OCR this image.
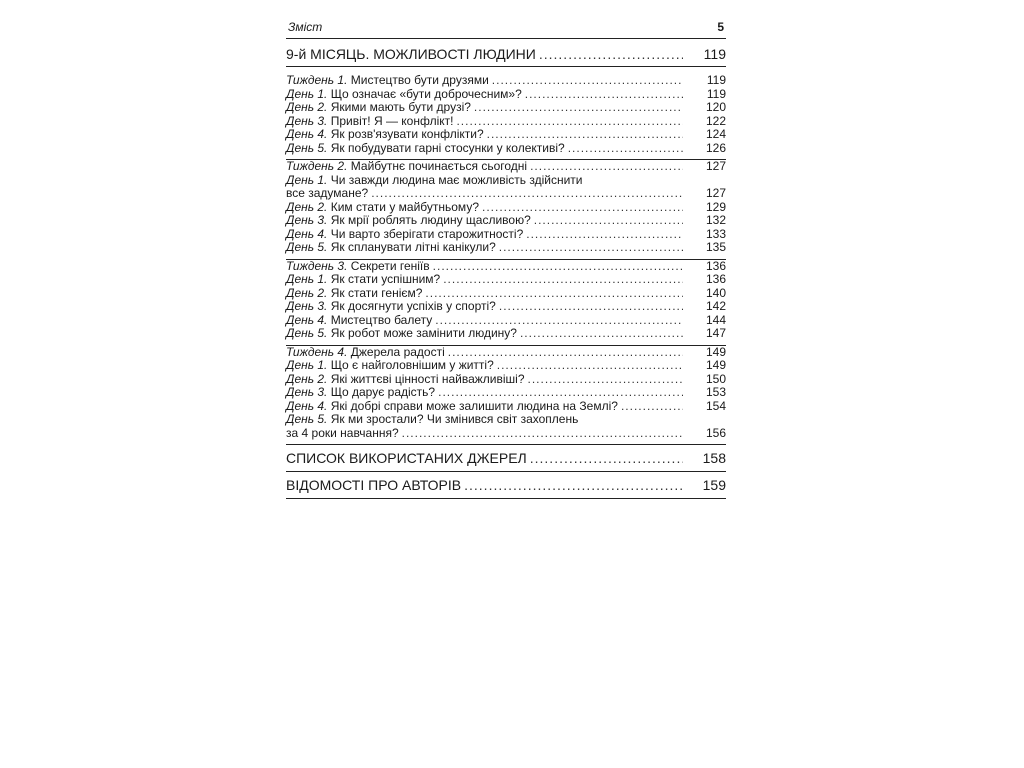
Зміст	5
9-й МІСЯЦЬ. МОЖЛИВОСТІ ЛЮДИНИ .....	119
Тиждень 1. Мистецтво бути друзями .....	119
День 1. Що означає «бути доброчесним»? .....	119
День 2. Якими мають бути друзі? .....	120
День 3. Привіт! Я — конфлікт! .....	122
День 4. Як розв'язувати конфлікти? .....	124
День 5. Як побудувати гарні стосунки у колективі? .....	126
Тиждень 2. Майбутнє починається сьогодні .....	127
День 1. Чи завжди людина має можливість здійснити
все задумане? .....	127
День 2. Ким стати у майбутньому? .....	129
День 3. Як мрії роблять людину щасливою? .....	132
День 4. Чи варто зберігати старожитності? .....	133
День 5. Як спланувати літні канікули? .....	135
Тиждень 3. Секрети геніїв .....	136
День 1. Як стати успішним? .....	136
День 2. Як стати генієм? .....	140
День 3. Як досягнути успіхів у спорті? .....	142
День 4. Мистецтво балету .....	144
День 5. Як робот може замінити людину? .....	147
Тиждень 4. Джерела радості .....	149
День 1. Що є найголовнішим у житті? .....	149
День 2. Які життєві цінності найважливіші? .....	150
День 3. Що дарує радість? .....	153
День 4. Які добрі справи може залишити людина на Землі? .....	154
День 5. Як ми зростали? Чи змінився світ захоплень
за 4 роки навчання? .....	156
СПИСОК ВИКОРИСТАНИХ ДЖЕРЕЛ .....	158
ВІДОМОСТІ ПРО АВТОРІВ .....	159
